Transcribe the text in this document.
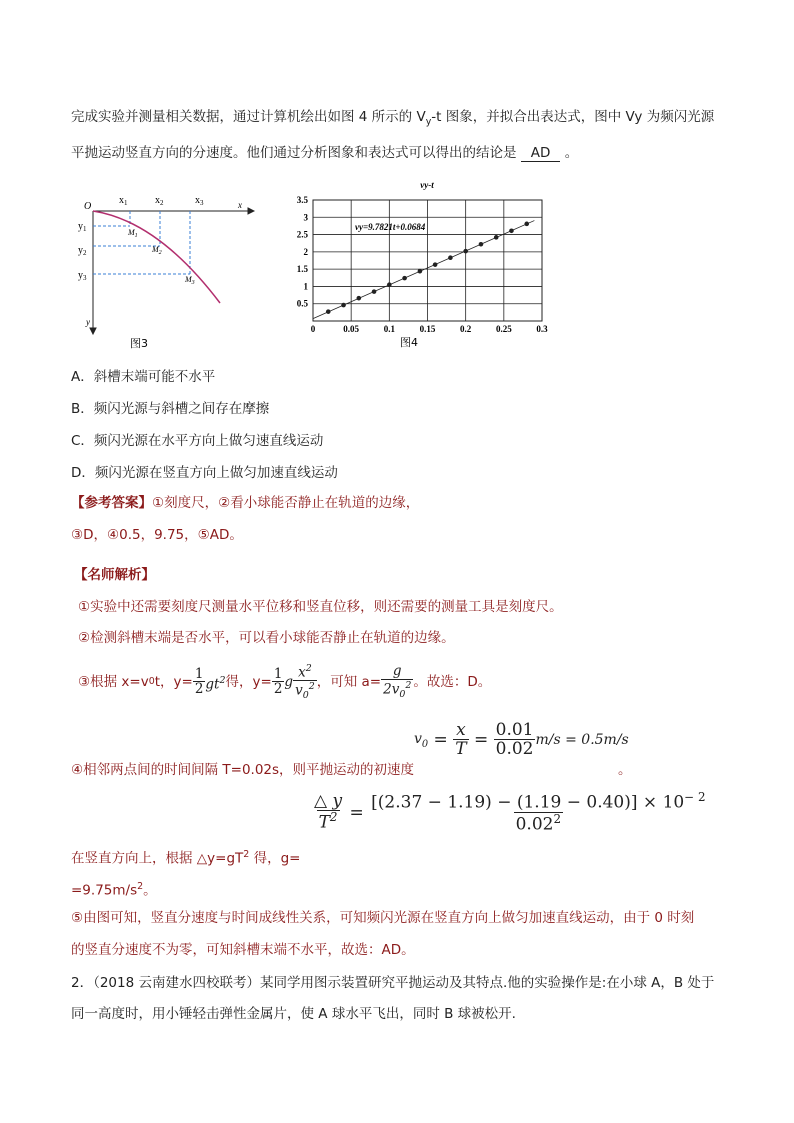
完成实验并测量相关数据，通过计算机绘出如图 4 所示的 $V_y-t$ 图象，并拟合出表达式，图中 Vy 为频闪光源
平抛运动竖直方向的分速度。他们通过分析图象和表达式可以得出的结论是 AD 。
O	x
y
$x_1$	$x_2$	$x_3$
$y_1$
$y_2$
$y_3$
$M_1$
$M_2$
$M_3$
图3
vy-t
0	0.05	0.1	0.15	0.2	0.25	0.3
0.5
1
1.5
2
2.5
3
3.5
vy=9.7821t+0.0684
图4
A．斜槽末端可能不水平
B．频闪光源与斜槽之间存在摩擦
C．频闪光源在水平方向上做匀速直线运动
D．频闪光源在竖直方向上做匀加速直线运动
【参考答案】①刻度尺，②看小球能否静止在轨道的边缘，
③D，④0.5，9.75，⑤AD。
【名师解析】
①实验中还需要刻度尺测量水平位移和竖直位移，则还需要的测量工具是刻度尺。
②检测斜槽末端是否水平，可以看小球能否静止在轨道的边缘。
③根据 x=v 0 t，$y= \frac{1}{2} gt^2$ 得，$y= \frac{1}{2}$ g $\frac{x^2}{v_0^2}$ ，可知 $a= \frac{g}{2v_0^2}$ 。故选：D。
$v_0 = \frac{x}{T} = \frac{0.01}{0.02} m/s = 0.5m/s$
④相邻两点间的时间间隔 T=0.02s，则平抛运动的初速度	。
$\frac{\triangle y}{T^2} = \frac{[(2.37 - 1.19) - (1.19 - 0.40)] \times 10^{- 2}}{0.02^2}$
在竖直方向上，根据 $\triangle y=gT^2$ 得，g=
$=9.75m/s^2$。
⑤由图可知，竖直分速度与时间成线性关系，可知频闪光源在竖直方向上做匀加速直线运动，由于 0 时刻
的竖直分速度不为零，可知斜槽末端不水平，故选：AD。
2．（2018 云南建水四校联考）某同学用图示装置研究平抛运动及其特点.他的实验操作是:在小球 A，B 处于
同一高度时，用小锤轻击弹性金属片，使 A 球水平飞出，同时 B 球被松开.
